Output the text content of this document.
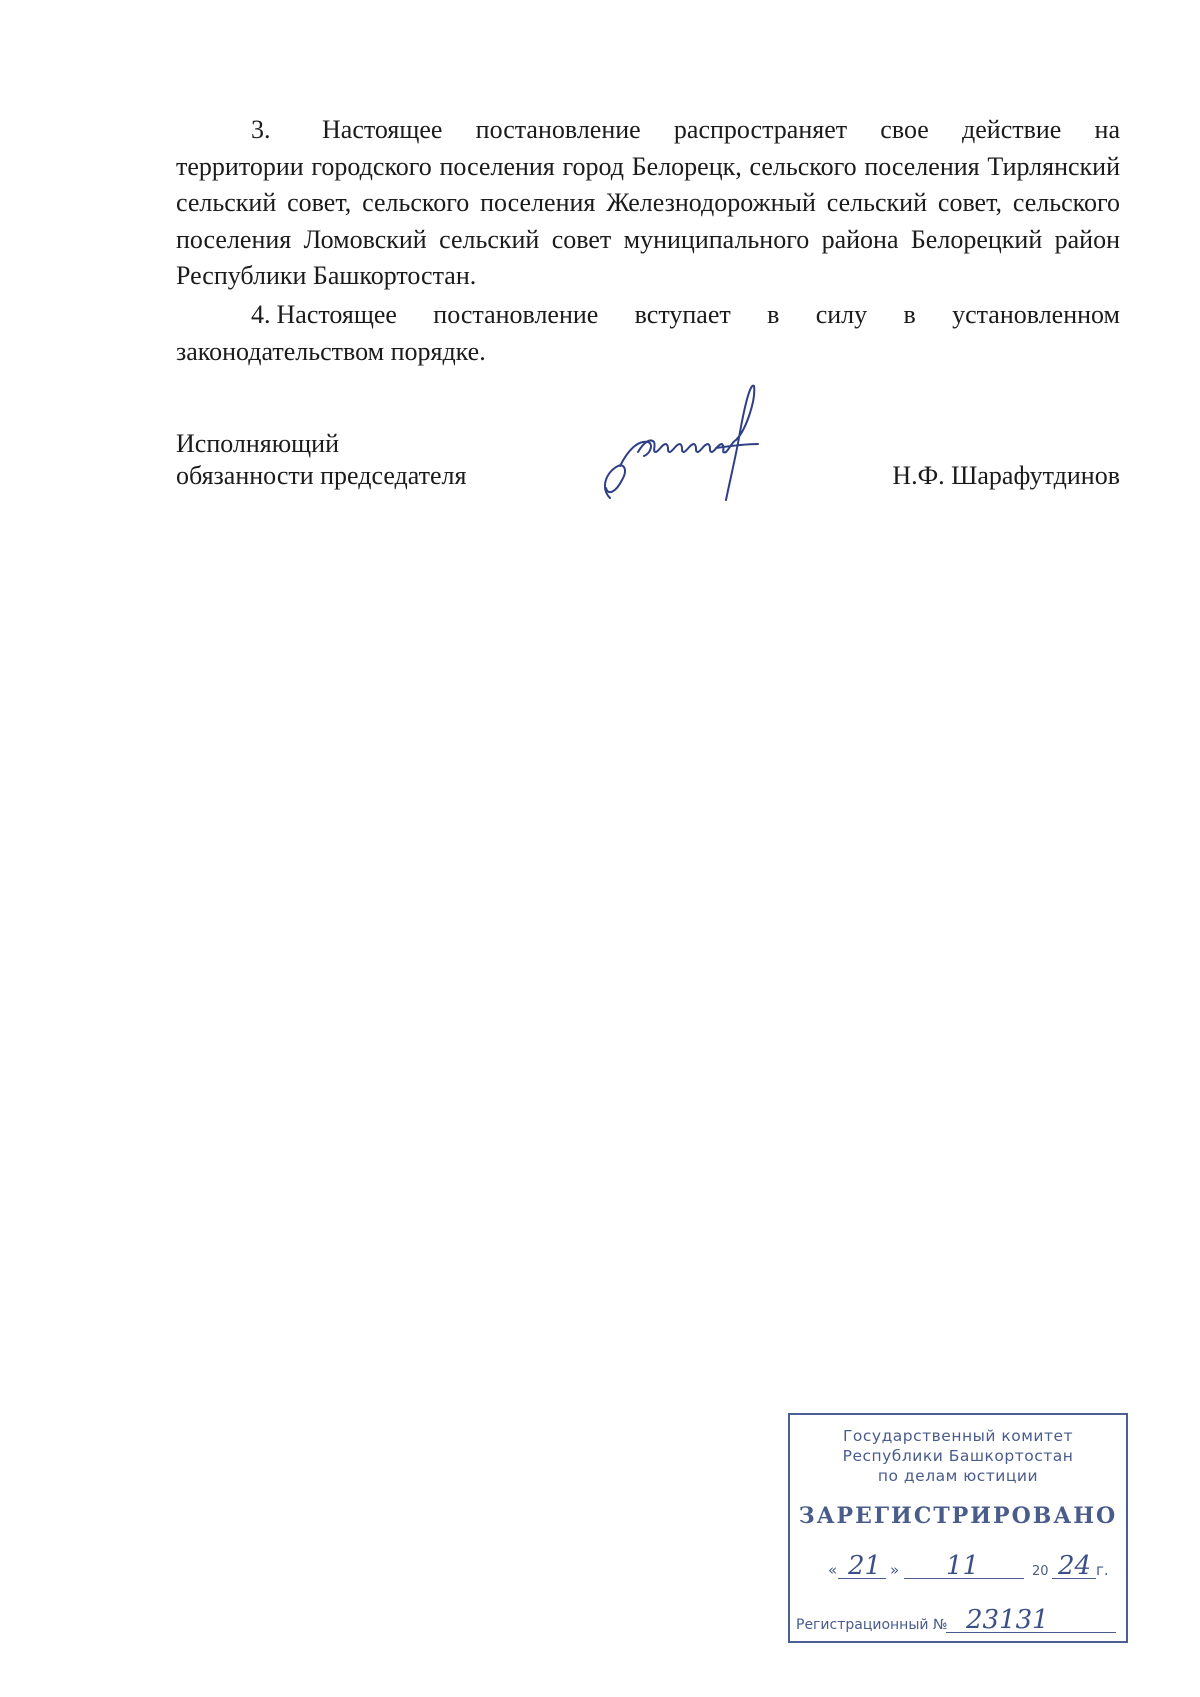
3. Настоящее постановление распространяет свое действие на территории городского поселения город Белорецк, сельского поселения Тирлянский сельский совет, сельского поселения Железнодорожный сельский совет, сельского поселения Ломовский сельский совет муниципального района Белорецкий район Республики Башкортостан.

4. Настоящее постановление вступает в силу в установленном законодательством порядке.

Исполняющий
обязанности председателя	Н.Ф. Шарафутдинов
Государственный комитет
Республики Башкортостан
по делам юстиции
ЗАРЕГИСТРИРОВАНО
« 21 » 11	20 24 г.
Регистрационный № 23131
